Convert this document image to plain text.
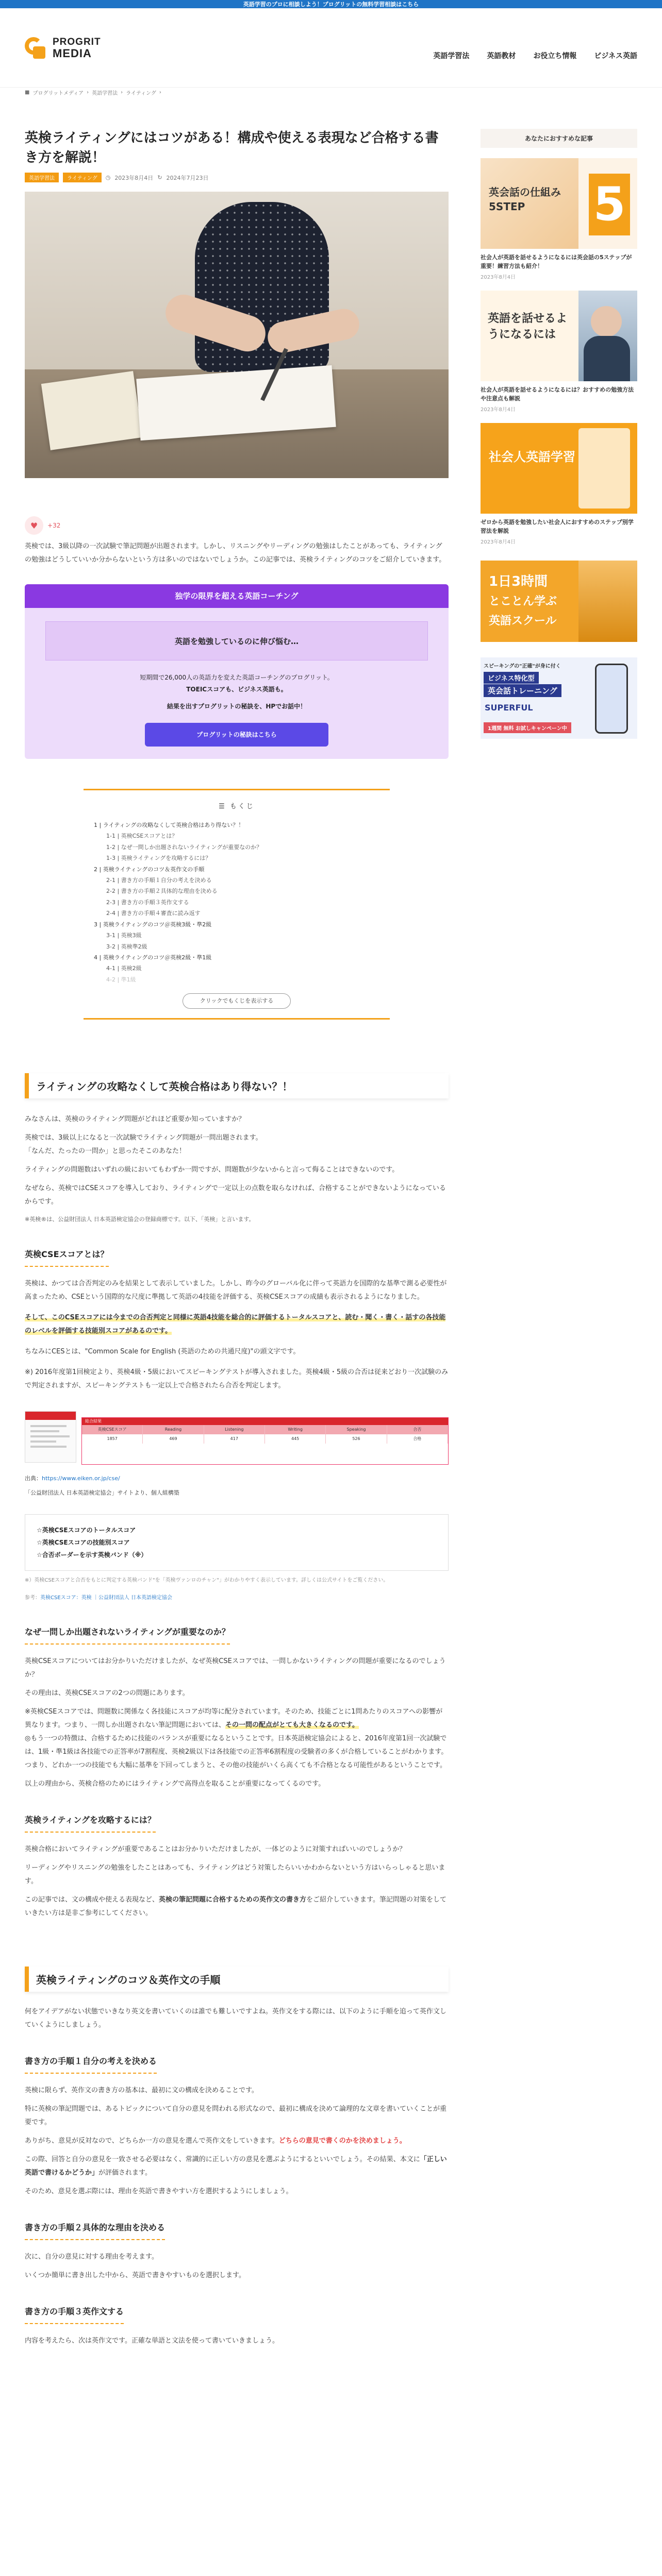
英語学習のプロに相談しよう！プログリットの無料学習相談はこちら
PROGRIT
MEDIA	英語学習法 英語教材 お役立ち情報 ビジネス英語
■ プログリットメディア › 英語学習法 › ライティング ›
英検ライティングにはコツがある！構成や使える表現など合格する書き方を解説！
英語学習法	ライティング	◷ 2023年8月4日 ↻ 2024年7月23日
♥	+32

英検では、3級以降の一次試験で筆記問題が出題されます。しかし、リスニングやリーディングの勉強はしたことがあっても、ライティングの勉強はどうしていいか分からないという方は多いのではないでしょうか。この記事では、英検ライティングのコツをご紹介していきます。

独学の限界を超える英語コーチング
英語を勉強しているのに伸び悩む…
短期間で26,000人の英語力を変えた英語コーチングのプログリット。
TOEICスコアも、ビジネス英語も。
結果を出すプログリットの秘訣を、HPでお話中！
プログリットの秘訣はこちら
☰ もくじ
1 | ライティングの攻略なくして英検合格はあり得ない？！
1-1 | 英検CSEスコアとは？
1-2 | なぜ一問しか出題されないライティングが重要なのか？
1-3 | 英検ライティングを攻略するには？
2 | 英検ライティングのコツ＆英作文の手順
2-1 | 書き方の手順１自分の考えを決める
2-2 | 書き方の手順２具体的な理由を決める
2-3 | 書き方の手順３英作文する
2-4 | 書き方の手順４審査に読み返す
3 | 英検ライティングのコツ＠英検3級・準2級
3-1 | 英検3級
3-2 | 英検準2級
4 | 英検ライティングのコツ＠英検2級・準1級
4-1 | 英検2級
4-2 | 準1級
クリックでもくじを表示する
ライティングの攻略なくして英検合格はあり得ない？！

みなさんは、英検のライティング問題がどれほど重要か知っていますか？

英検では、3級以上になると一次試験でライティング問題が一問出題されます。

「なんだ、たったの一問か」と思ったそこのあなた！

ライティングの問題数はいずれの級においてもわずか一問ですが、問題数が少ないからと言って侮ることはできないのです。

なぜなら、英検ではCSEスコアを導入しており、ライティングで一定以上の点数を取らなければ、合格することができないようになっているからです。

※英検®は、公益財団法人 日本英語検定協会の登録商標です。以下、「英検」と言います。

英検CSEスコアとは？

英検は、かつては合否判定のみを結果として表示していました。しかし、昨今のグローバル化に伴って英語力を国際的な基準で測る必要性が高まったため、CSEという国際的な尺度に準拠して英語の4技能を評価する、英検CSEスコアの成績も表示されるようになりました。

そして、このCSEスコアには今までの合否判定と同様に英語4技能を総合的に評価するトータルスコアと、読む・聞く・書く・話すの各技能のレベルを評価する技能別スコアがあるのです。

ちなみにCESとは、"Common Scale for English (英語のための共通尺度)"の頭文字です。

※) 2016年度第1回検定より、英検4級・5級においてスピーキングテストが導入されました。英検4級・5級の合否は従来どおり一次試験のみで判定されますが、スピーキングテストも一定以上で合格されたら合否を判定します。

総合結果
英検CSEスコア	Reading	Listening	Writing	Speaking	合否
1857	469	417	445	526	合格

出典：https://www.eiken.or.jp/cse/

「公益財団法人 日本英語検定協会」サイトより、個人組構築

☆英検CSEスコアのトータルスコア
☆英検CSEスコアの技能別スコア
☆合否ボーダーを示す英検バンド（※）

※）英検CSEスコアと合否をもとに判定する英検バンド"を「英検ヴァンロのチャン"」がわかりやすく表示しています。詳しくは公式サイトをご覧ください。

参考：英検CSEスコア：英検 ｜公益財団法人 日本英語検定協会

なぜ一問しか出題されないライティングが重要なのか？

英検CSEスコアについてはお分かりいただけましたが、なぜ英検CSEスコアでは、一問しかないライティングの問題が重要になるのでしょうか？

その理由は、英検CSEスコアの2つの問題にあります。

※英検CSEスコアでは、問題数に関係なく各技能にスコアが均等に配分されています。そのため、技能ごとに1問あたりのスコアへの影響が異なります。つまり、一問しか出題されない筆記問題においては、その一問の配点がとても大きくなるのです。

◎もう一つの特徴は、合格するために技能のバランスが重要になるということです。日本英語検定協会によると、2016年度第1回一次試験では、1級・準1級は各技能での正答率が7割程度、英検2級以下は各技能での正答率6割程度の受験者の多くが合格していることがわかります。つまり、どれか一つの技能でも大幅に基準を下回ってしまうと、その他の技能がいくら高くても不合格となる可能性があるということです。

以上の理由から、英検合格のためにはライティングで高得点を取ることが重要になってくるのです。

英検ライティングを攻略するには？

英検合格においてライティングが重要であることはお分かりいただけましたが、一体どのように対策すればいいのでしょうか？

リーディングやリスニングの勉強をしたことはあっても、ライティングはどう対策したらいいかわからないという方はいらっしゃると思います。

この記事では、文の構成や使える表現など、英検の筆記問題に合格するための英作文の書き方をご紹介していきます。筆記問題の対策をしていきたい方は是非ご参考にしてください。

英検ライティングのコツ＆英作文の手順

何をアイデアがない状態でいきなり英文を書いていくのは誰でも難しいですよね。英作文をする際には、以下のように手順を追って英作文していくようにしましょう。

書き方の手順１自分の考えを決める

英検に限らず、英作文の書き方の基本は、最初に文の構成を決めることです。

特に英検の筆記問題では、あるトピックについて自分の意見を問われる形式なので、最初に構成を決めて論理的な文章を書いていくことが重要です。

ありがち、意見が反対なので、どちらか一方の意見を選んで英作文をしていきます。どちらの意見で書くのかを決めましょう。

この際、回答と自分の意見を一致させる必要はなく、常識的に正しい方の意見を選ぶようにするといいでしょう。その結果、本文に「正しい英語で書けるかどうか」が評価されます。

そのため、意見を選ぶ際には、理由を英語で書きやすい方を選択するようにしましょう。

書き方の手順２具体的な理由を決める

次に、自分の意見に対する理由を考えます。

いくつか簡単に書き出した中から、英語で書きやすいものを選択します。

書き方の手順３英作文する

内容を考えたら、次は英作文です。正確な単語と文法を使って書いていきましょう。

あなたにおすすめな記事
5
英会話の仕組み5STEP
社会人が英語を話せるようになるには英会話の5ステップが重要！練習方法も紹介！
2023年8月4日
英語を話せるようになるには
社会人が英語を話せるようになるには？おすすめの勉強方法や注意点も解説
2023年8月4日
社会人英語学習
ゼロから英語を勉強したい社会人におすすめのステップ別学習法を解説
2023年8月4日
1日3時間
とことん学ぶ
英語スクール
スピーキングの"正確"が身に付く
ビジネス特化型
英会話トレーニング
SUPERFUL
1週間 無料 お試しキャンペーン中
